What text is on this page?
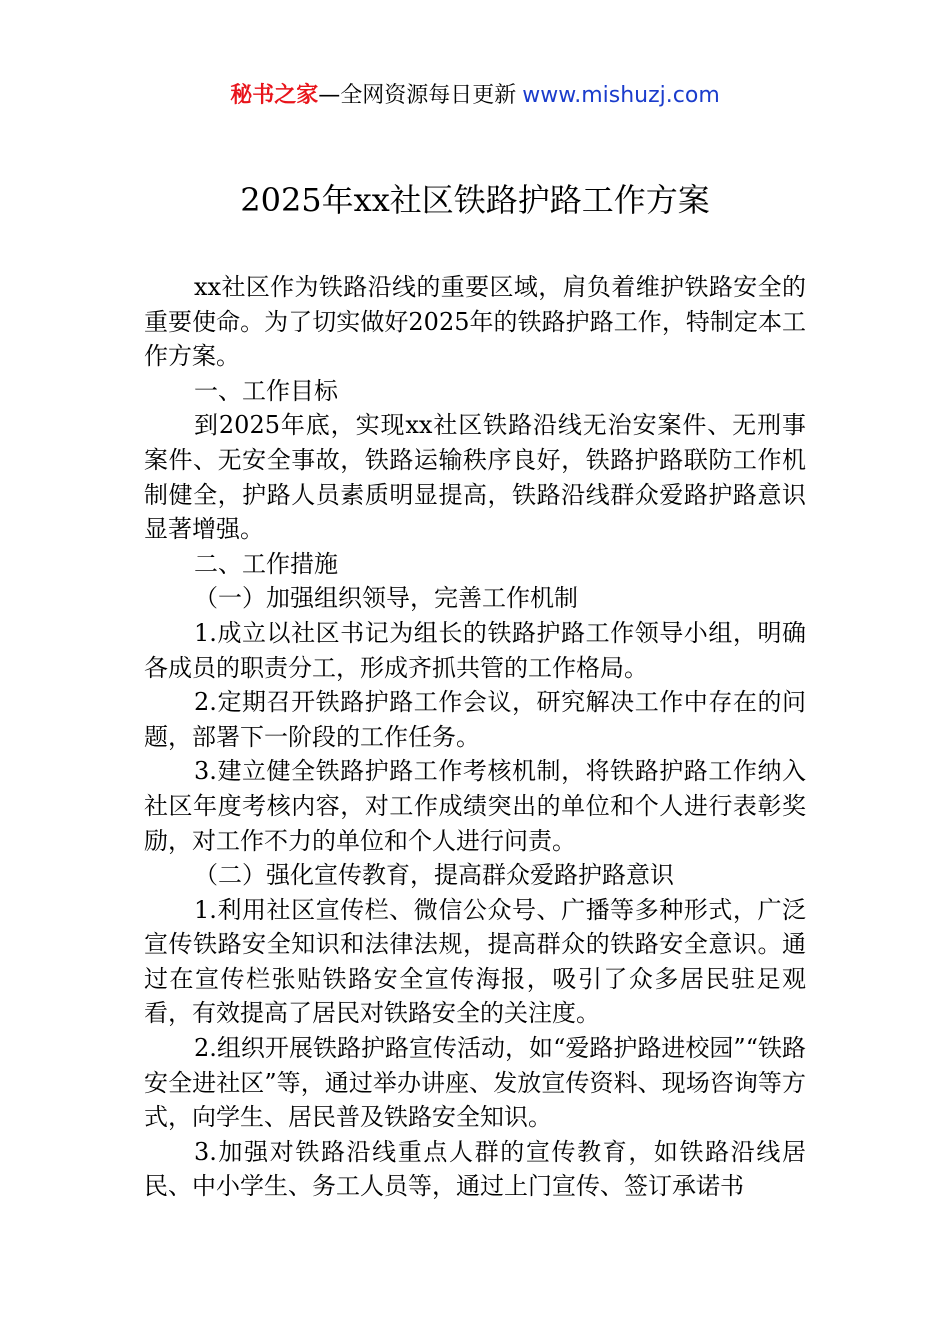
秘书之家—全网资源每日更新 www.mishuzj.com
2025年xx社区铁路护路工作方案

xx社区作为铁路沿线的重要区域，肩负着维护铁路安全的重要使命。为了切实做好2025年的铁路护路工作，特制定本工作方案。

一、工作目标

到2025年底，实现xx社区铁路沿线无治安案件、无刑事案件、无安全事故，铁路运输秩序良好，铁路护路联防工作机制健全，护路人员素质明显提高，铁路沿线群众爱路护路意识显著增强。

二、工作措施

（一）加强组织领导，完善工作机制

1.成立以社区书记为组长的铁路护路工作领导小组，明确各成员的职责分工，形成齐抓共管的工作格局。

2.定期召开铁路护路工作会议，研究解决工作中存在的问题，部署下一阶段的工作任务。

3.建立健全铁路护路工作考核机制，将铁路护路工作纳入社区年度考核内容，对工作成绩突出的单位和个人进行表彰奖励，对工作不力的单位和个人进行问责。

（二）强化宣传教育，提高群众爱路护路意识

1.利用社区宣传栏、微信公众号、广播等多种形式，广泛宣传铁路安全知识和法律法规，提高群众的铁路安全意识。通过在宣传栏张贴铁路安全宣传海报，吸引了众多居民驻足观看，有效提高了居民对铁路安全的关注度。

2.组织开展铁路护路宣传活动，如“爱路护路进校园”“铁路安全进社区”等，通过举办讲座、发放宣传资料、现场咨询等方式，向学生、居民普及铁路安全知识。

3.加强对铁路沿线重点人群的宣传教育，如铁路沿线居民、中小学生、务工人员等，通过上门宣传、签订承诺书
